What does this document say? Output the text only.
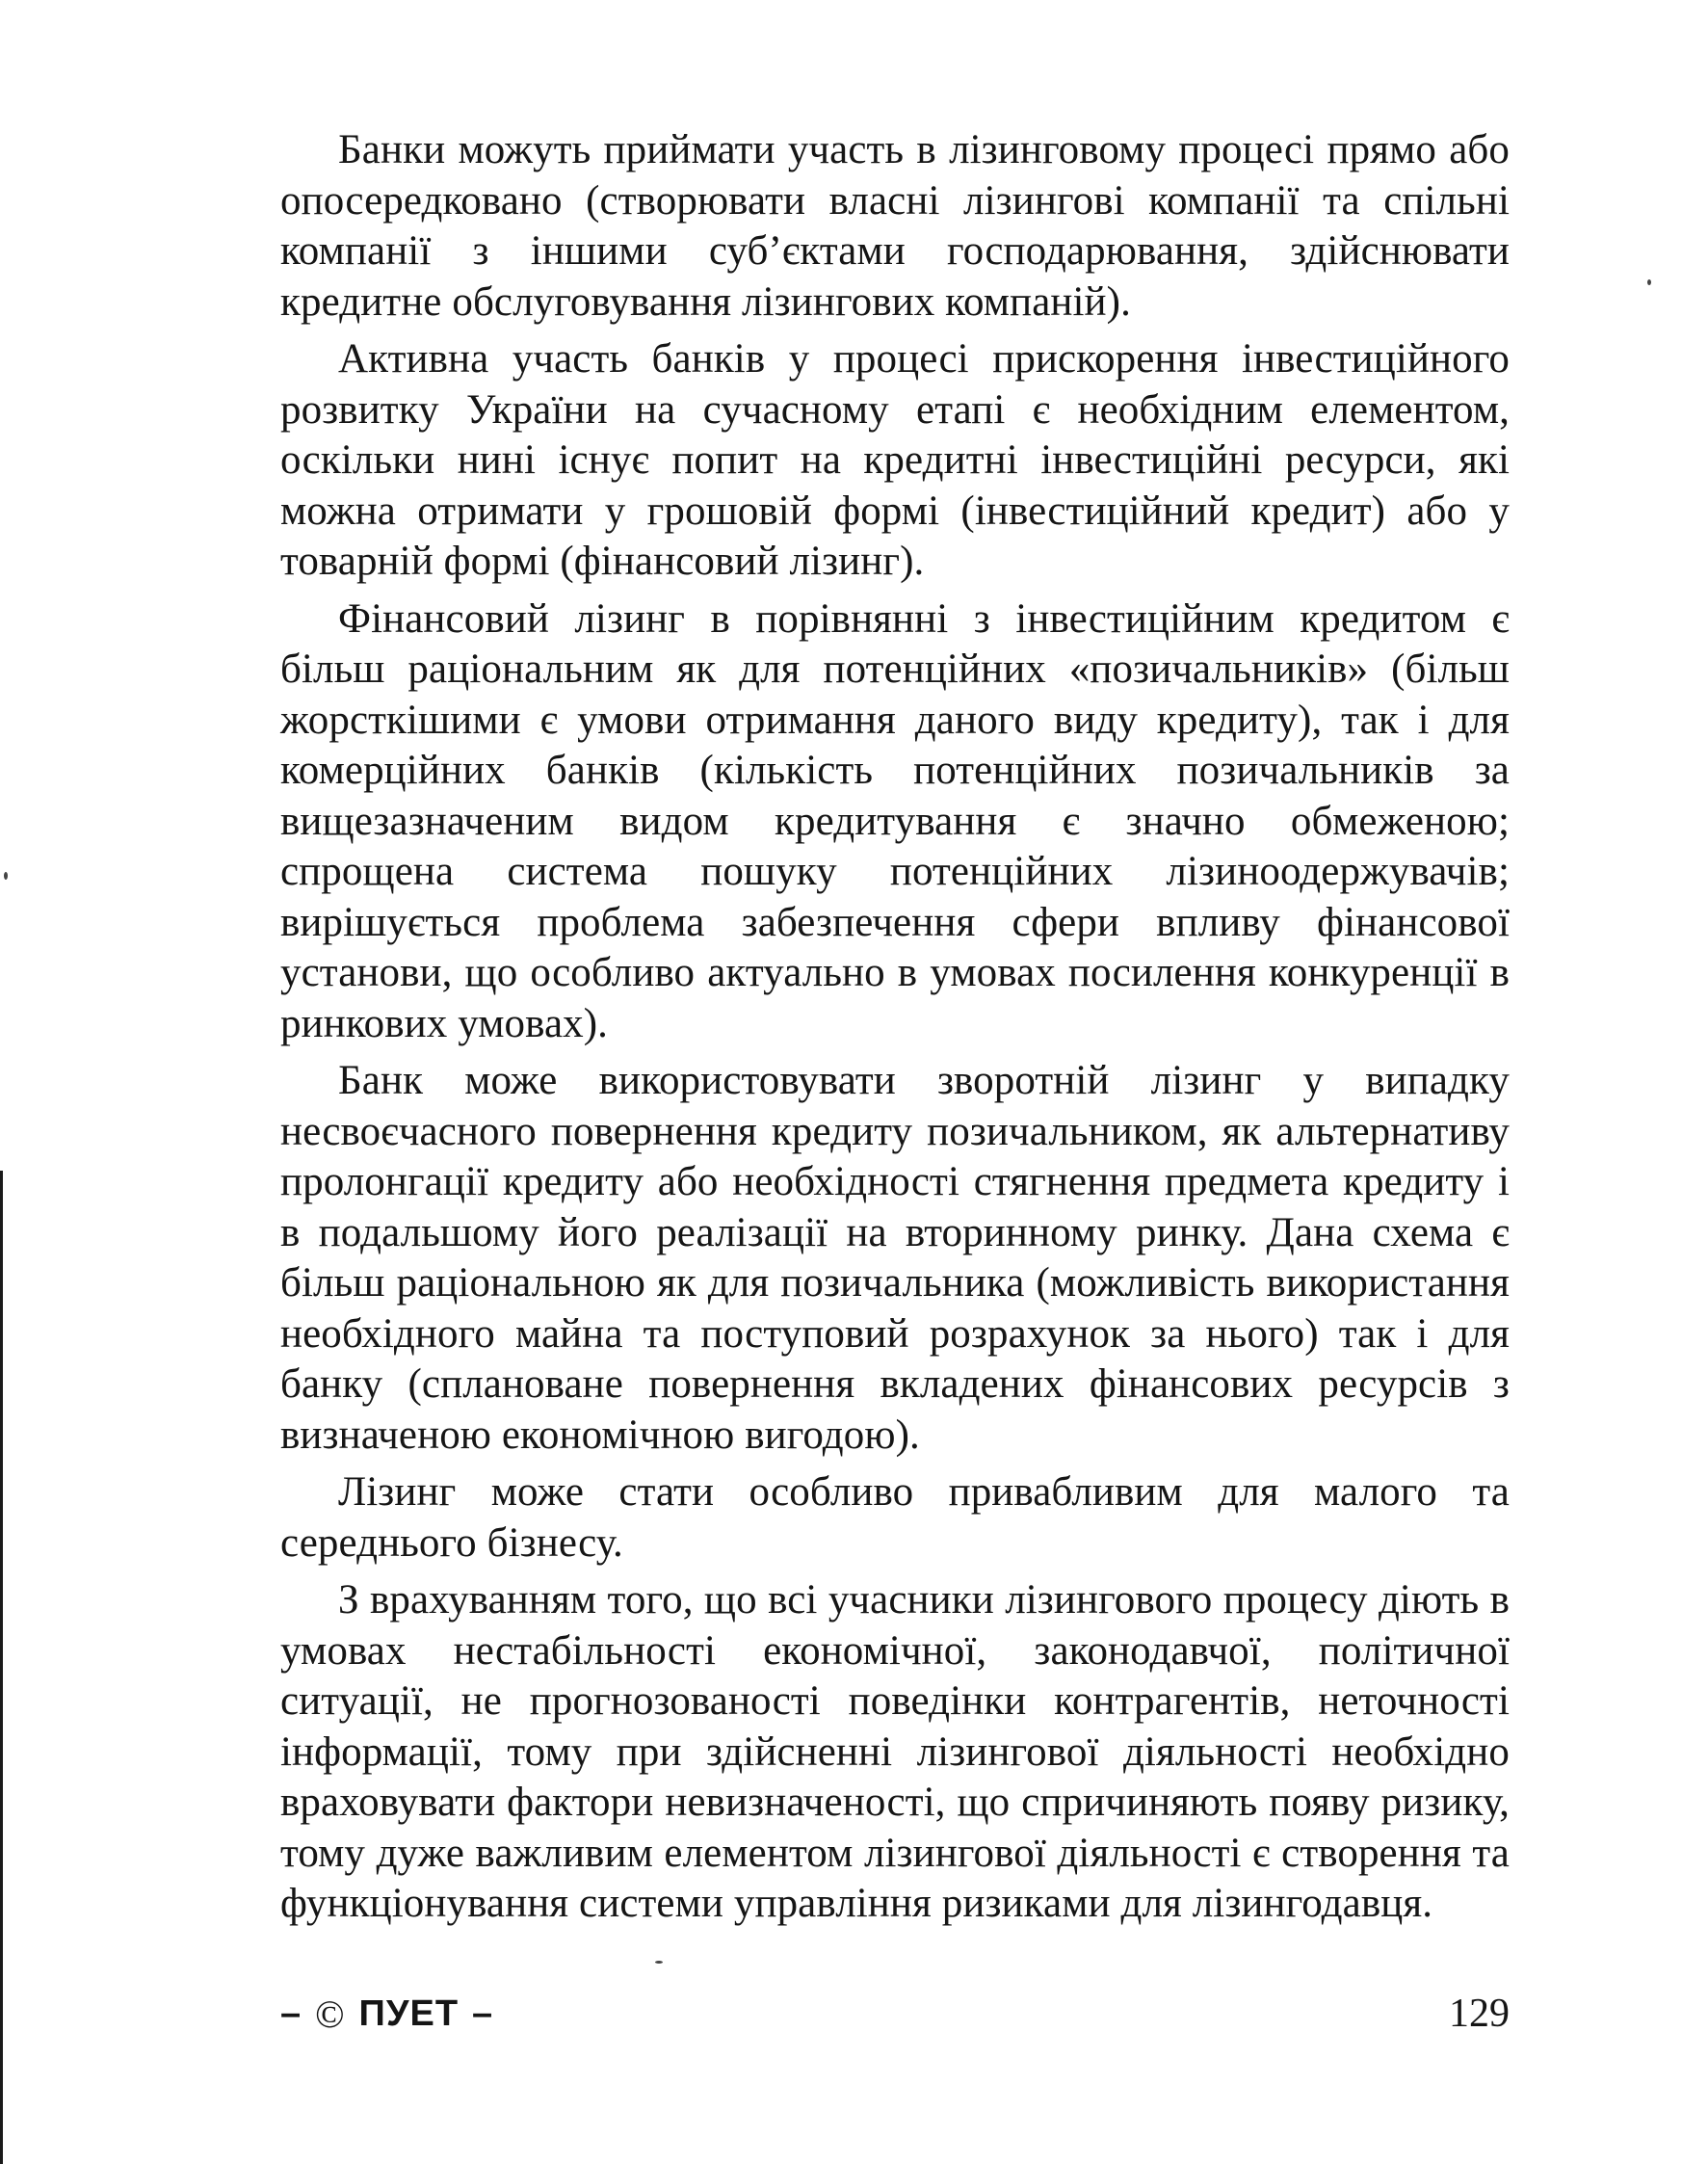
Банки можуть приймати участь в лізинговому процесі прямо або опосередковано (створювати власні лізингові компанії та спільні компанії з іншими суб’єктами господарювання, здійснювати кредитне обслуговування лізингових компаній).

Активна участь банків у процесі прискорення інвестиційного розвитку України на сучасному етапі є необхідним елементом, оскільки нині існує попит на кредитні інвестиційні ресурси, які можна отримати у грошовій формі (інвестиційний кредит) або у товарній формі (фінансовий лізинг).

Фінансовий лізинг в порівнянні з інвестиційним кредитом є більш раціональним як для потенційних «позичальників» (більш жорсткішими є умови отримання даного виду кредиту), так і для комерційних банків (кількість потенційних позичальників за вищезазначеним видом кредитування є значно обмеженою; спрощена система пошуку потенційних лізиноодержувачів; вирішується проблема забезпечення сфери впливу фінансової установи, що особливо актуально в умовах посилення конкуренції в ринкових умовах).

Банк може використовувати зворотній лізинг у випадку несвоєчасного повернення кредиту позичальником, як альтернативу пролонгації кредиту або необхідності стягнення предмета кредиту і в подальшому його реалізації на вторинному ринку. Дана схема є більш раціональною як для позичальника (можливість використання необхідного майна та поступовий розрахунок за нього) так і для банку (сплановане повернення вкладених фінансових ресурсів з визначеною економічною вигодою).

Лізинг може стати особливо привабливим для малого та середнього бізнесу.

З врахуванням того, що всі учасники лізингового процесу діють в умовах нестабільності економічної, законодавчої, політичної ситуації, не прогнозованості поведінки контрагентів, неточності інформації, тому при здійсненні лізингової діяльності необхідно враховувати фактори невизначеності, що спричиняють появу ризику, тому дуже важливим елементом лізингової діяльності є створення та функціонування системи управління ризиками для лізингодавця.

– © ПУЕТ –	129
